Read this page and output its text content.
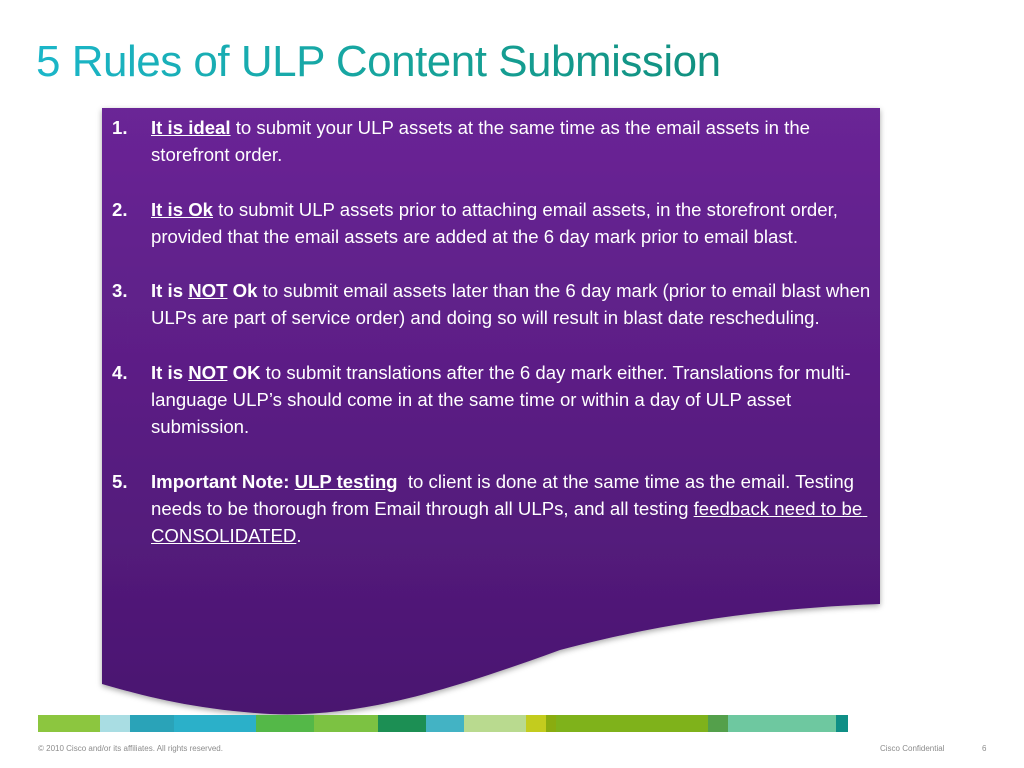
5 Rules of ULP Content Submission
1.	It is ideal to submit your ULP assets at the same time as the email assets in the storefront order.
2.	It is Ok to submit ULP assets prior to attaching email assets, in the storefront order, provided that the email assets are added at the 6 day mark prior to email blast.
3.	It is NOT Ok to submit email assets later than the 6 day mark (prior to email blast when ULPs are part of service order) and doing so will result in blast date rescheduling.
4.	It is NOT OK to submit translations after the 6 day mark either. Translations for multi-language ULP’s should come in at the same time or within a day of ULP asset submission.
5.	Important Note: ULP testing  to client is done at the same time as the email. Testing needs to be thorough from Email through all ULPs, and all testing feedback need to be CONSOLIDATED.
© 2010 Cisco and/or its affiliates. All rights reserved.	Cisco Confidential	6
